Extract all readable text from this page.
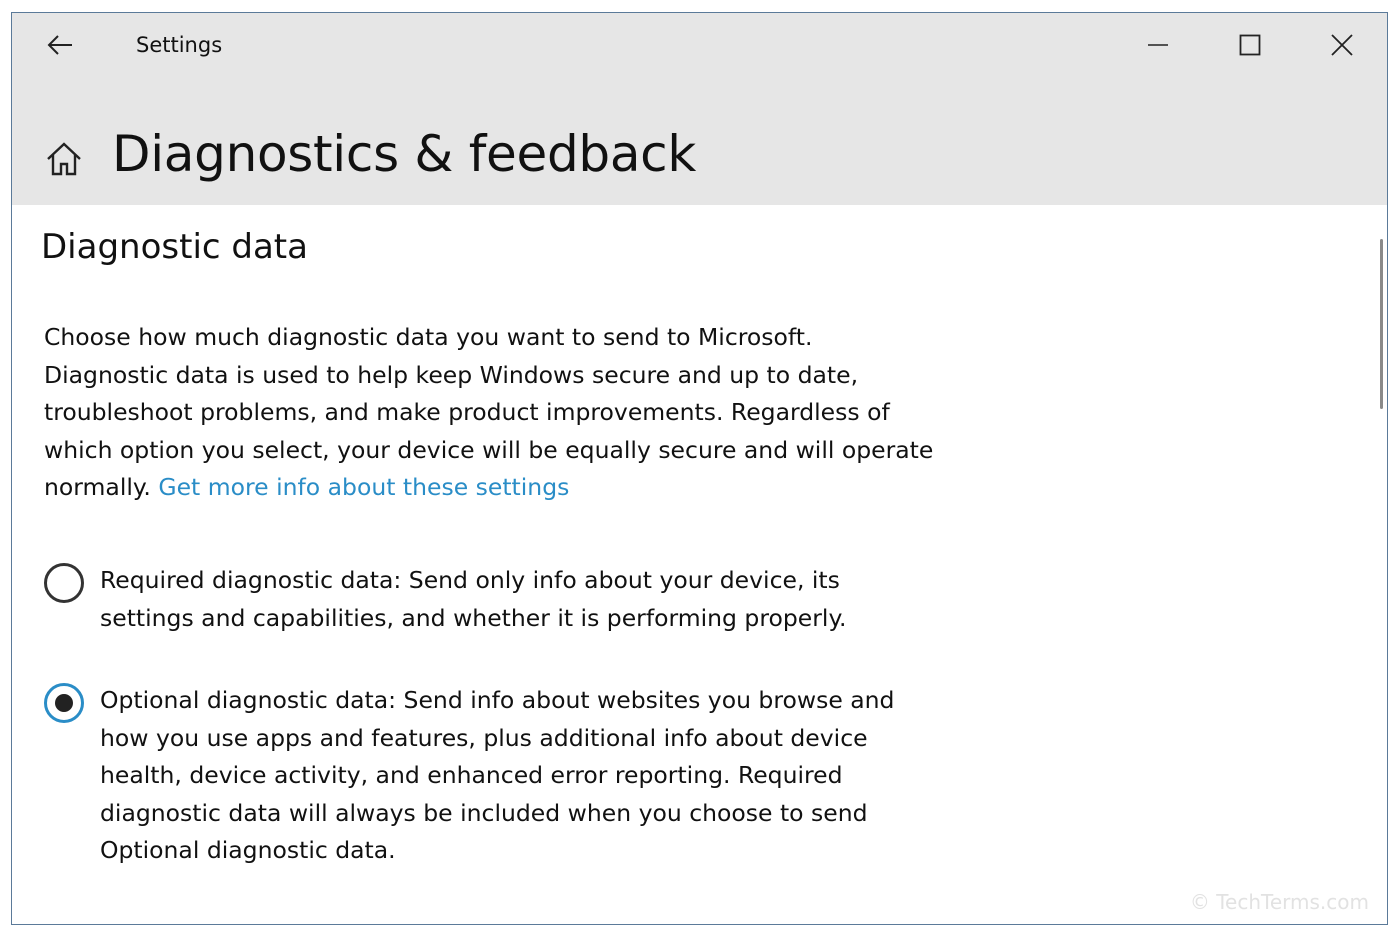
Settings
Diagnostics & feedback
Diagnostic data
Choose how much diagnostic data you want to send to Microsoft. Diagnostic data is used to help keep Windows secure and up to date, troubleshoot problems, and make product improvements. Regardless of which option you select, your device will be equally secure and will operate normally. Get more info about these settings
Required diagnostic data: Send only info about your device, its settings and capabilities, and whether it is performing properly.
Optional diagnostic data: Send info about websites you browse and how you use apps and features, plus additional info about device health, device activity, and enhanced error reporting. Required diagnostic data will always be included when you choose to send Optional diagnostic data.
© TechTerms.com
